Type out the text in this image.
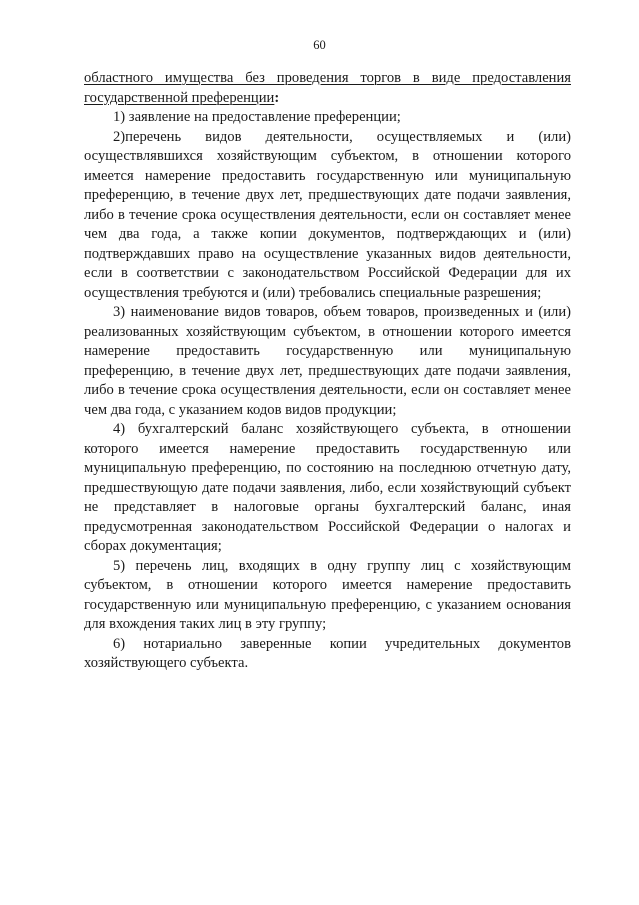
60

областного имущества без проведения торгов в виде предоставления государственной преференции:

1) заявление на предоставление преференции;

2)перечень видов деятельности, осуществляемых и (или) осуществлявшихся хозяйствующим субъектом, в отношении которого имеется намерение предоставить государственную или муниципальную преференцию, в течение двух лет, предшествующих дате подачи заявления, либо в течение срока осуществления деятельности, если он составляет менее чем два года, а также копии документов, подтверждающих и (или) подтверждавших право на осуществление указанных видов деятельности, если в соответствии с законодательством Российской Федерации для их осуществления требуются и (или) требовались специальные разрешения;

3) наименование видов товаров, объем товаров, произведенных и (или) реализованных хозяйствующим субъектом, в отношении которого имеется намерение предоставить государственную или муниципальную преференцию, в течение двух лет, предшествующих дате подачи заявления, либо в течение срока осуществления деятельности, если он составляет менее чем два года, с указанием кодов видов продукции;

4) бухгалтерский баланс хозяйствующего субъекта, в отношении которого имеется намерение предоставить государственную или муниципальную преференцию, по состоянию на последнюю отчетную дату, предшествующую дате подачи заявления, либо, если хозяйствующий субъект не представляет в налоговые органы бухгалтерский баланс, иная предусмотренная законодательством Российской Федерации о налогах и сборах документация;

5) перечень лиц, входящих в одну группу лиц с хозяйствующим субъектом, в отношении которого имеется намерение предоставить государственную или муниципальную преференцию, с указанием основания для вхождения таких лиц в эту группу;

6) нотариально заверенные копии учредительных документов хозяйствующего субъекта.
